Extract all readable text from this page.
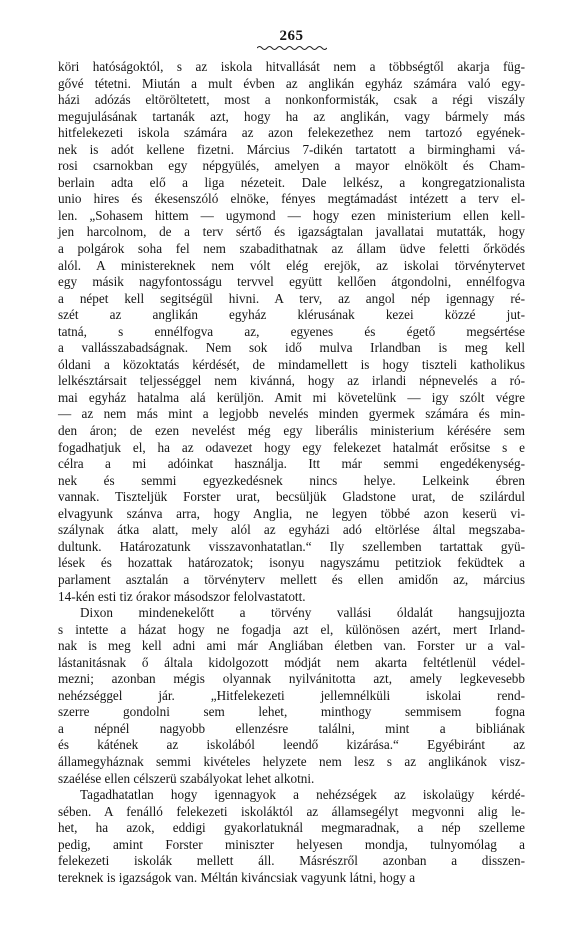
265
köri hatóságoktól, s az iskola hitvallását nem a többségtől akarja füg-
gővé tétetni. Miután a mult évben az anglikán egyház számára való egy-
házi adózás eltöröltetett, most a nonkonformisták, csak a régi viszály
megujulásának tartanák azt, hogy ha az anglikán, vagy bármely más
hitfelekezeti iskola számára az azon felekezethez nem tartozó egyének-
nek is adót kellene fizetni. Március 7-dikén tartatott a birminghami vá-
rosi csarnokban egy népgyülés, amelyen a mayor elnökölt és Cham-
berlain adta elő a liga nézeteit. Dale lelkész, a kongregatzionalista
unio hires és ékesenszóló elnöke, fényes megtámadást intézett a terv el-
len. „Sohasem hittem — ugymond — hogy ezen ministerium ellen kell-
jen harcolnom, de a terv sértő és igazságtalan javallatai mutatták, hogy
a polgárok soha fel nem szabadithatnak az állam üdve feletti őrködés
alól. A ministereknek nem vólt elég erejök, az iskolai törvénytervet
egy másik nagyfontosságu tervvel együtt kellően átgondolni, ennélfogva
a népet kell segitségül hivni. A terv, az angol nép igennagy ré-
szét az anglikán egyház klérusának kezei közzé jut-
tatná, s ennélfogva az, egyenes és égető megsértése
a vallásszabadságnak. Nem sok idő mulva Irlandban is meg kell
óldani a közoktatás kérdését, de mindamellett is hogy tiszteli katholikus
lelkésztársait teljességgel nem kivánná, hogy az irlandi népnevelés a ró-
mai egyház hatalma alá kerüljön. Amit mi követelünk — igy szólt végre
— az nem más mint a legjobb nevelés minden gyermek számára és min-
den áron; de ezen nevelést még egy liberális ministerium kérésére sem
fogadhatjuk el, ha az odavezet hogy egy felekezet hatalmát erősitse s e
célra a mi adóinkat használja. Itt már semmi engedékenység-
nek és semmi egyezkedésnek nincs helye. Lelkeink ébren
vannak. Tiszteljük Forster urat, becsüljük Gladstone urat, de szilárdul
elvagyunk szánva arra, hogy Anglia, ne legyen többé azon keserü vi-
szálynak átka alatt, mely alól az egyházi adó eltörlése által megszaba-
dultunk. Határozatunk visszavonhatatlan.“ Ily szellemben tartattak gyü-
lések és hozattak határozatok; isonyu nagyszámu petitziok feküdtek a
parlament asztalán a törvényterv mellett és ellen amidőn az, március
14-kén esti tiz órakor másodszor felolvastatott.
Dixon mindenekelőtt a törvény vallási óldalát hangsujjozta
s intette a házat hogy ne fogadja azt el, különösen azért, mert Irland-
nak is meg kell adni ami már Angliában életben van. Forster ur a val-
lástanitásnak ő általa kidolgozott módját nem akarta feltétlenül védel-
mezni; azonban mégis olyannak nyilvánitotta azt, amely legkevesebb
nehézséggel jár. „Hitfelekezeti jellemnélküli iskolai rend-
szerre gondolni sem lehet, minthogy semmisem fogna
a népnél nagyobb ellenzésre találni, mint a bibliának
és kátének az iskolából leendő kizárása.“ Egyébiránt az
államegyháznak semmi kivételes helyzete nem lesz s az anglikánok visz-
szaélése ellen célszerü szabályokat lehet alkotni.
Tagadhatatlan hogy igennagyok a nehézségek az iskolaügy kérdé-
sében. A fenálló felekezeti iskoláktól az államsegélyt megvonni alig le-
het, ha azok, eddigi gyakorlatuknál megmaradnak, a nép szelleme
pedig, amint Forster miniszter helyesen mondja, tulnyomólag a
felekezeti iskolák mellett áll. Másrészről azonban a disszen-
tereknek is igazságok van. Méltán kiváncsiak vagyunk látni, hogy a
